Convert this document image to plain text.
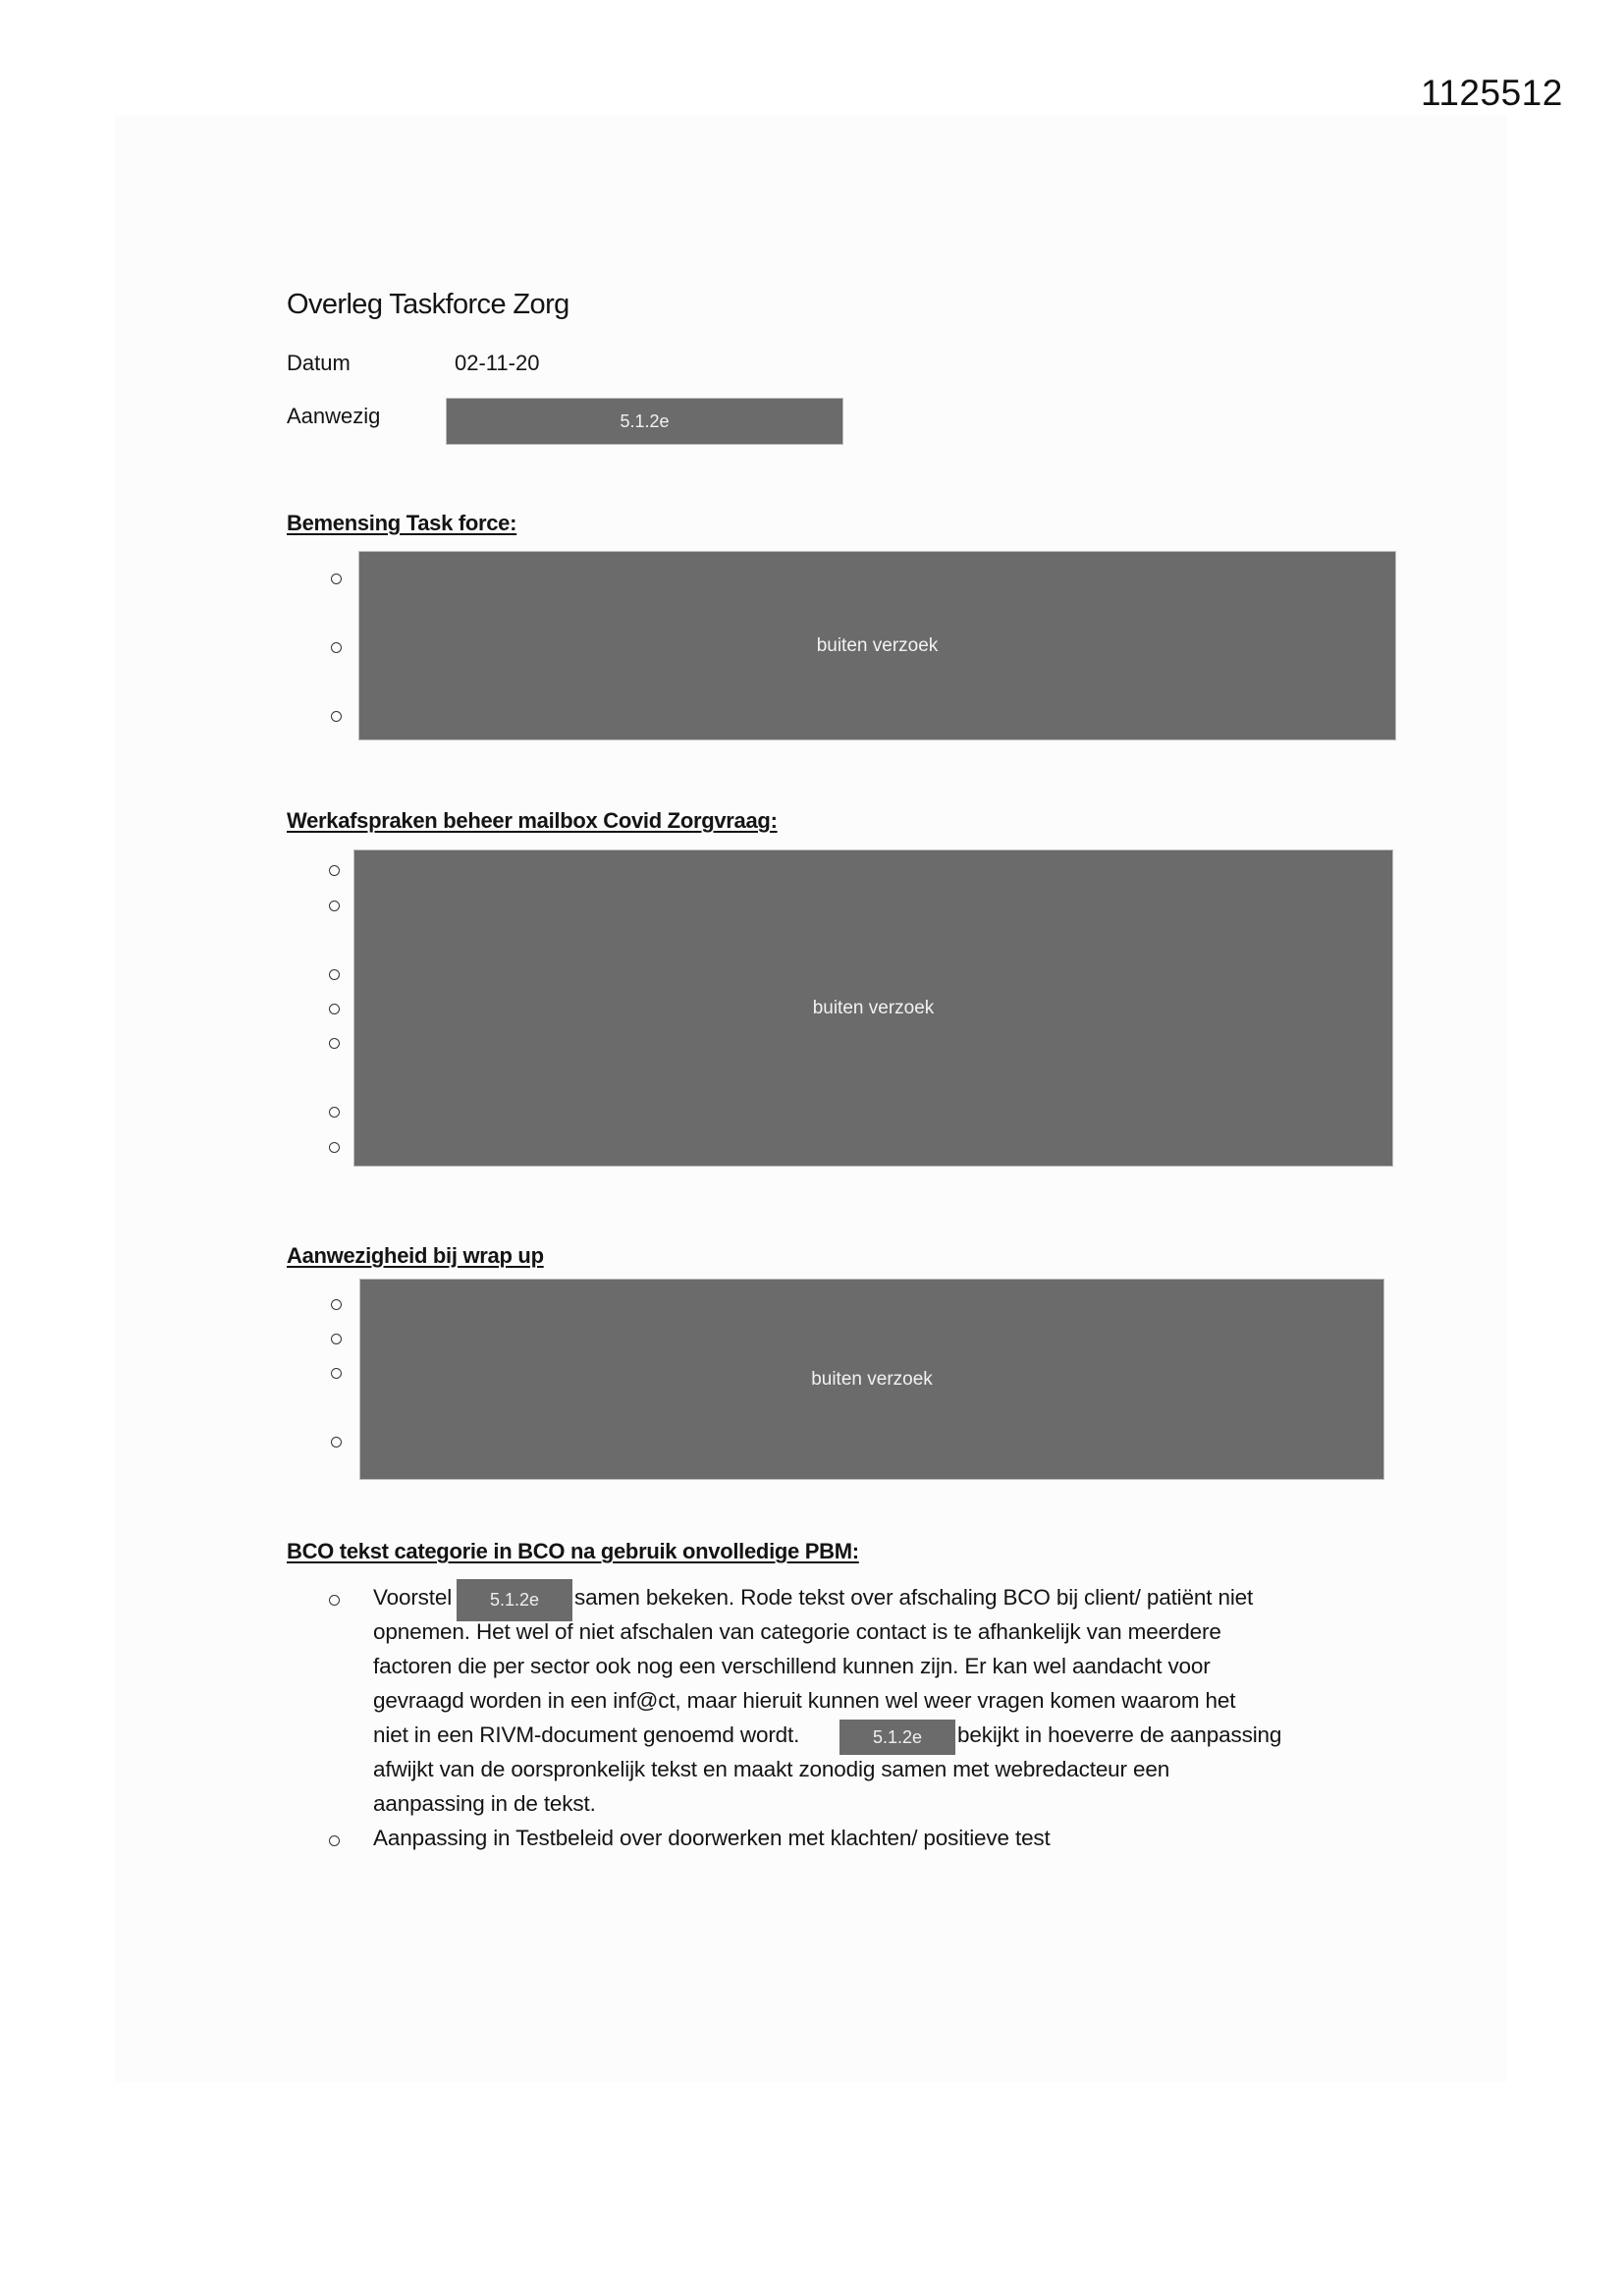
1125512
Overleg Taskforce Zorg
Datum	02-11-20
Aanwezig	5.1.2e
Bemensing Task force:
buiten verzoek
Werkafspraken beheer mailbox Covid Zorgvraag:
buiten verzoek
Aanwezigheid bij wrap up
buiten verzoek
BCO tekst categorie in BCO na gebruik onvolledige PBM:
Voorstel 5.1.2e samen bekeken. Rode tekst over afschaling BCO bij client/ patiënt niet
opnemen. Het wel of niet afschalen van categorie contact is te afhankelijk van meerdere
factoren die per sector ook nog een verschillend kunnen zijn. Er kan wel aandacht voor
gevraagd worden in een inf@ct, maar hieruit kunnen wel weer vragen komen waarom het
niet in een RIVM-document genoemd wordt.	5.1.2e bekijkt in hoeverre de aanpassing
afwijkt van de oorspronkelijk tekst en maakt zonodig samen met webredacteur een
aanpassing in de tekst.
Aanpassing in Testbeleid over doorwerken met klachten/ positieve test
